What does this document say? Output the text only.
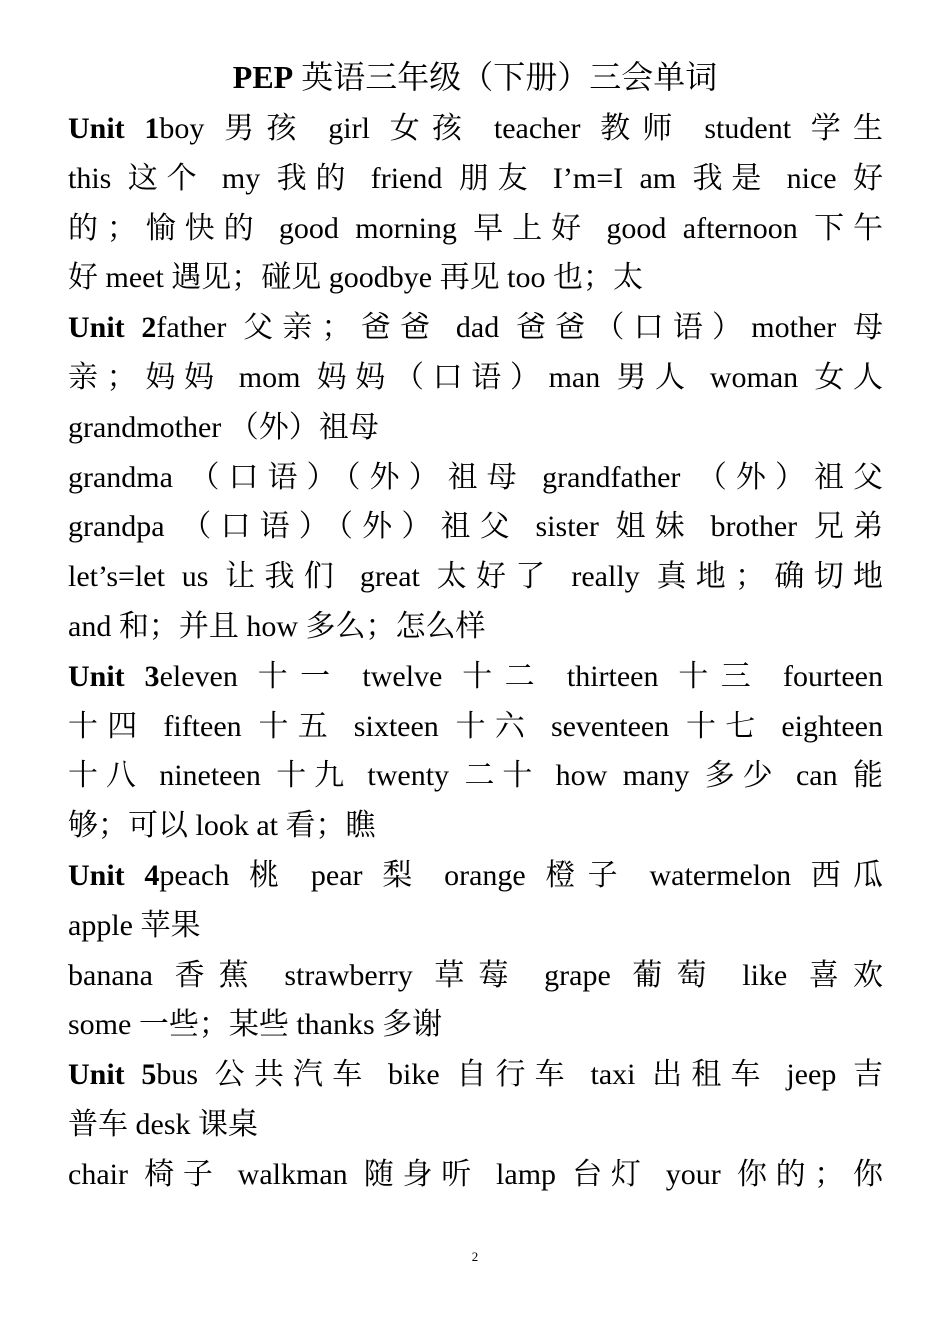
PEP 英语三年级（下册）三会单词
Unit 1boy 男孩 girl 女孩 teacher 教师 student 学生
this 这个 my 我的 friend 朋友 I’m=I am 我是 nice 好
的；愉快的 good morning 早上好 good afternoon 下午
好 meet 遇见；碰见 goodbye 再见 too 也；太
Unit 2father 父亲；爸爸 dad 爸爸（口语）mother 母
亲；妈妈 mom 妈妈（口语）man 男人 woman 女人
grandmother （外）祖母
grandma （口语）（外）祖母 grandfather （外）祖父
grandpa （口语）（外）祖父 sister 姐妹 brother 兄弟
let’s=let us 让我们 great 太好了 really 真地；确切地
and 和；并且 how 多么；怎么样
Unit 3eleven 十一 twelve 十二 thirteen 十三 fourteen
十四 fifteen 十五 sixteen 十六 seventeen 十七 eighteen
十八 nineteen 十九 twenty 二十 how many 多少 can 能
够；可以 look at 看；瞧
Unit 4peach 桃 pear 梨 orange 橙子 watermelon 西瓜
apple 苹果
banana 香蕉 strawberry 草莓 grape 葡萄 like 喜欢
some 一些；某些 thanks 多谢
Unit 5bus 公共汽车 bike 自行车 taxi 出租车 jeep 吉
普车 desk 课桌
chair 椅子 walkman 随身听 lamp 台灯 your 你的；你
2
